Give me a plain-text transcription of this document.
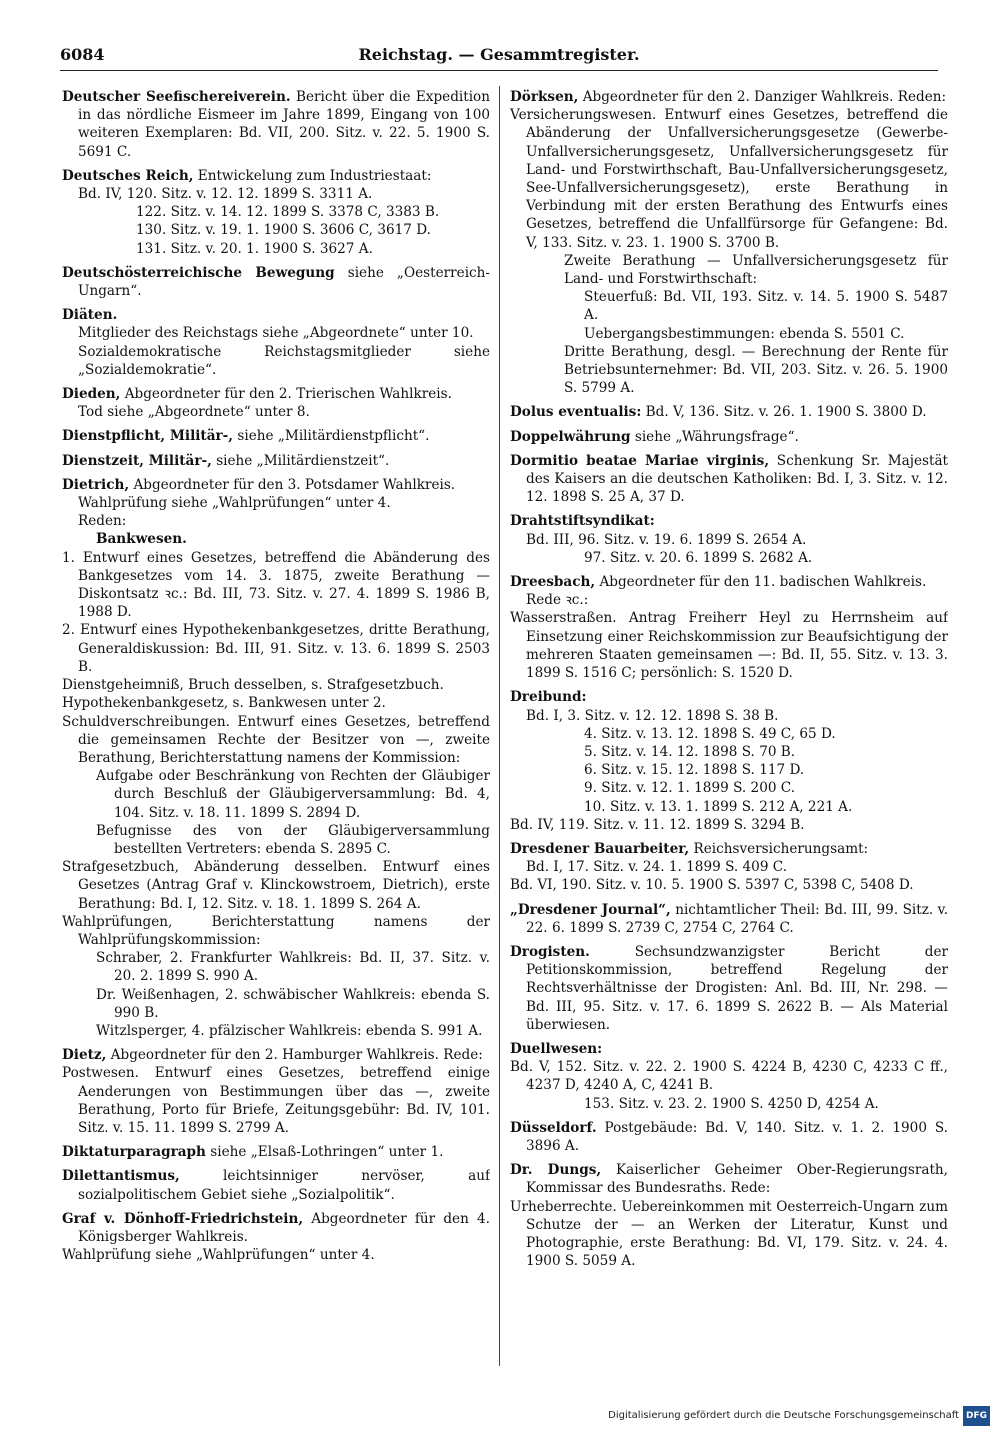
6084	Reichstag. — Gesammtregister.

Deutscher Seefischereiverein. Bericht über die Expedition in das nördliche Eismeer im Jahre 1899, Eingang von 100 weiteren Exemplaren: Bd. VII, 200. Sitz. v. 22. 5. 1900 S. 5691 C.

Deutsches Reich, Entwickelung zum Industriestaat:

Bd. IV, 120. Sitz. v. 12. 12. 1899 S. 3311 A.

122. Sitz. v. 14. 12. 1899 S. 3378 C, 3383 B.

130. Sitz. v. 19. 1. 1900 S. 3606 C, 3617 D.

131. Sitz. v. 20. 1. 1900 S. 3627 A.

Deutschösterreichische Bewegung siehe „Oesterreich-Ungarn“.

Diäten.

Mitglieder des Reichstags siehe „Abgeordnete“ unter 10.

Sozialdemokratische Reichstagsmitglieder siehe „Sozialdemokratie“.

Dieden, Abgeordneter für den 2. Trierischen Wahlkreis.

Tod siehe „Abgeordnete“ unter 8.

Dienstpflicht, Militär-, siehe „Militärdienstpflicht“.

Dienstzeit, Militär-, siehe „Militärdienstzeit“.

Dietrich, Abgeordneter für den 3. Potsdamer Wahlkreis.

Wahlprüfung siehe „Wahlprüfungen“ unter 4.

Reden:

Bankwesen.

1. Entwurf eines Gesetzes, betreffend die Abänderung des Bankgesetzes vom 14. 3. 1875, zweite Berathung — Diskontsatz ꝛc.: Bd. III, 73. Sitz. v. 27. 4. 1899 S. 1986 B, 1988 D.

2. Entwurf eines Hypothekenbankgesetzes, dritte Berathung, Generaldiskussion: Bd. III, 91. Sitz. v. 13. 6. 1899 S. 2503 B.

Dienstgeheimniß, Bruch desselben, s. Strafgesetzbuch.

Hypothekenbankgesetz, s. Bankwesen unter 2.

Schuldverschreibungen. Entwurf eines Gesetzes, betreffend die gemeinsamen Rechte der Besitzer von —, zweite Berathung, Berichterstattung namens der Kommission:

Aufgabe oder Beschränkung von Rechten der Gläubiger durch Beschluß der Gläubigerversammlung: Bd. 4, 104. Sitz. v. 18. 11. 1899 S. 2894 D.

Befugnisse des von der Gläubigerversammlung bestellten Vertreters: ebenda S. 2895 C.

Strafgesetzbuch, Abänderung desselben. Entwurf eines Gesetzes (Antrag Graf v. Klinckowstroem, Dietrich), erste Berathung: Bd. I, 12. Sitz. v. 18. 1. 1899 S. 264 A.

Wahlprüfungen, Berichterstattung namens der Wahlprüfungskommission:

Schraber, 2. Frankfurter Wahlkreis: Bd. II, 37. Sitz. v. 20. 2. 1899 S. 990 A.

Dr. Weißenhagen, 2. schwäbischer Wahlkreis: ebenda S. 990 B.

Witzlsperger, 4. pfälzischer Wahlkreis: ebenda S. 991 A.

Dietz, Abgeordneter für den 2. Hamburger Wahlkreis. Rede:

Postwesen. Entwurf eines Gesetzes, betreffend einige Aenderungen von Bestimmungen über das —, zweite Berathung, Porto für Briefe, Zeitungsgebühr: Bd. IV, 101. Sitz. v. 15. 11. 1899 S. 2799 A.

Diktaturparagraph siehe „Elsaß-Lothringen“ unter 1.

Dilettantismus,	leichtsinniger nervöser, auf sozialpolitischem Gebiet siehe „Sozialpolitik“.

Graf v. Dönhoff-Friedrichstein, Abgeordneter für den 4. Königsberger Wahlkreis.

Wahlprüfung siehe „Wahlprüfungen“ unter 4.

Dörksen, Abgeordneter für den 2. Danziger Wahlkreis. Reden:

Versicherungswesen. Entwurf eines Gesetzes, betreffend die Abänderung der Unfallversicherungsgesetze (Gewerbe-Unfallversicherungsgesetz, Unfallversicherungsgesetz für Land- und Forstwirthschaft, Bau-Unfallversicherungsgesetz, See-Unfallversicherungsgesetz), erste Berathung in Verbindung mit der ersten Berathung des Entwurfs eines Gesetzes, betreffend die Unfallfürsorge für Gefangene: Bd. V, 133. Sitz. v. 23. 1. 1900 S. 3700 B.

Zweite Berathung — Unfallversicherungsgesetz für Land- und Forstwirthschaft:

Steuerfuß: Bd. VII, 193. Sitz. v. 14. 5. 1900 S. 5487 A.

Uebergangsbestimmungen: ebenda S. 5501 C.

Dritte Berathung, desgl. — Berechnung der Rente für Betriebsunternehmer: Bd. VII, 203. Sitz. v. 26. 5. 1900 S. 5799 A.

Dolus eventualis: Bd. V, 136. Sitz. v. 26. 1. 1900 S. 3800 D.

Doppelwährung siehe „Währungsfrage“.

Dormitio beatae Mariae virginis, Schenkung Sr. Majestät des Kaisers an die deutschen Katholiken: Bd. I, 3. Sitz. v. 12. 12. 1898 S. 25 A, 37 D.

Drahtstiftsyndikat:

Bd. III, 96. Sitz. v. 19. 6. 1899 S. 2654 A.

97. Sitz. v. 20. 6. 1899 S. 2682 A.

Dreesbach, Abgeordneter für den 11. badischen Wahlkreis.

Rede ꝛc.:

Wasserstraßen. Antrag Freiherr Heyl zu Herrnsheim auf Einsetzung einer Reichskommission zur Beaufsichtigung der mehreren Staaten gemeinsamen —: Bd. II, 55. Sitz. v. 13. 3. 1899 S. 1516 C; persönlich: S. 1520 D.

Dreibund:

Bd. I, 3. Sitz. v. 12. 12. 1898 S. 38 B.

4. Sitz. v. 13. 12. 1898 S. 49 C, 65 D.

5. Sitz. v. 14. 12. 1898 S. 70 B.

6. Sitz. v. 15. 12. 1898 S. 117 D.

9. Sitz. v. 12. 1. 1899 S. 200 C.

10. Sitz. v. 13. 1. 1899 S. 212 A, 221 A.

Bd. IV, 119. Sitz. v. 11. 12. 1899 S. 3294 B.

Dresdener Bauarbeiter, Reichsversicherungsamt:

Bd. I, 17. Sitz. v. 24. 1. 1899 S. 409 C.

Bd. VI, 190. Sitz. v. 10. 5. 1900 S. 5397 C, 5398 C, 5408 D.

„Dresdener Journal“, nichtamtlicher Theil: Bd. III, 99. Sitz. v. 22. 6. 1899 S. 2739 C, 2754 C, 2764 C.

Drogisten.	Sechsundzwanzigster Bericht der Petitionskommission, betreffend Regelung der Rechtsverhältnisse der Drogisten: Anl. Bd. III, Nr. 298. — Bd. III, 95. Sitz. v. 17. 6. 1899 S. 2622 B. — Als Material überwiesen.

Duellwesen:

Bd. V, 152. Sitz. v. 22. 2. 1900 S. 4224 B, 4230 C, 4233 C ff., 4237 D, 4240 A, C, 4241 B.

153. Sitz. v. 23. 2. 1900 S. 4250 D, 4254 A.

Düsseldorf. Postgebäude: Bd. V, 140. Sitz. v. 1. 2. 1900 S. 3896 A.

Dr. Dungs, Kaiserlicher Geheimer Ober-Regierungsrath, Kommissar des Bundesraths. Rede:

Urheberrechte. Uebereinkommen mit Oesterreich-Ungarn zum Schutze der — an Werken der Literatur, Kunst und Photographie, erste Berathung: Bd. VI, 179. Sitz. v. 24. 4. 1900 S. 5059 A.

Digitalisierung gefördert durch die Deutsche Forschungsgemeinschaft DFG
